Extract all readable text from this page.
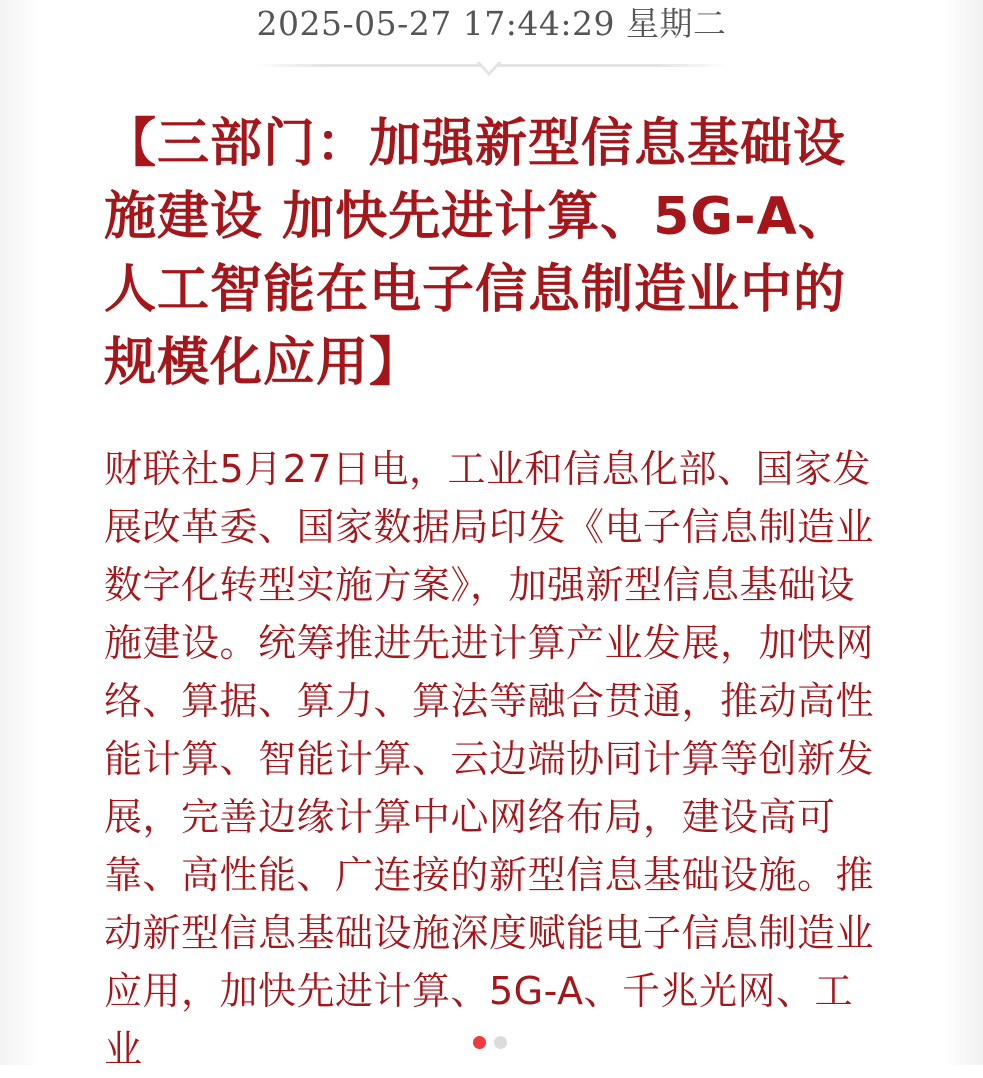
2025-05-27 17:44:29 星期二
【三部门：加强新型信息基础设施建设 加快先进计算、5G-A、人工智能在电子信息制造业中的规模化应用】

财联社5月27日电，工业和信息化部、国家发展改革委、国家数据局印发《电子信息制造业数字化转型实施方案》，加强新型信息基础设施建设。统筹推进先进计算产业发展，加快网络、算据、算力、算法等融合贯通，推动高性能计算、智能计算、云边端协同计算等创新发展，完善边缘计算中心网络布局，建设高可靠、高性能、广连接的新型信息基础设施。推动新型信息基础设施深度赋能电子信息制造业应用，加快先进计算、5G-A、千兆光网、工业
